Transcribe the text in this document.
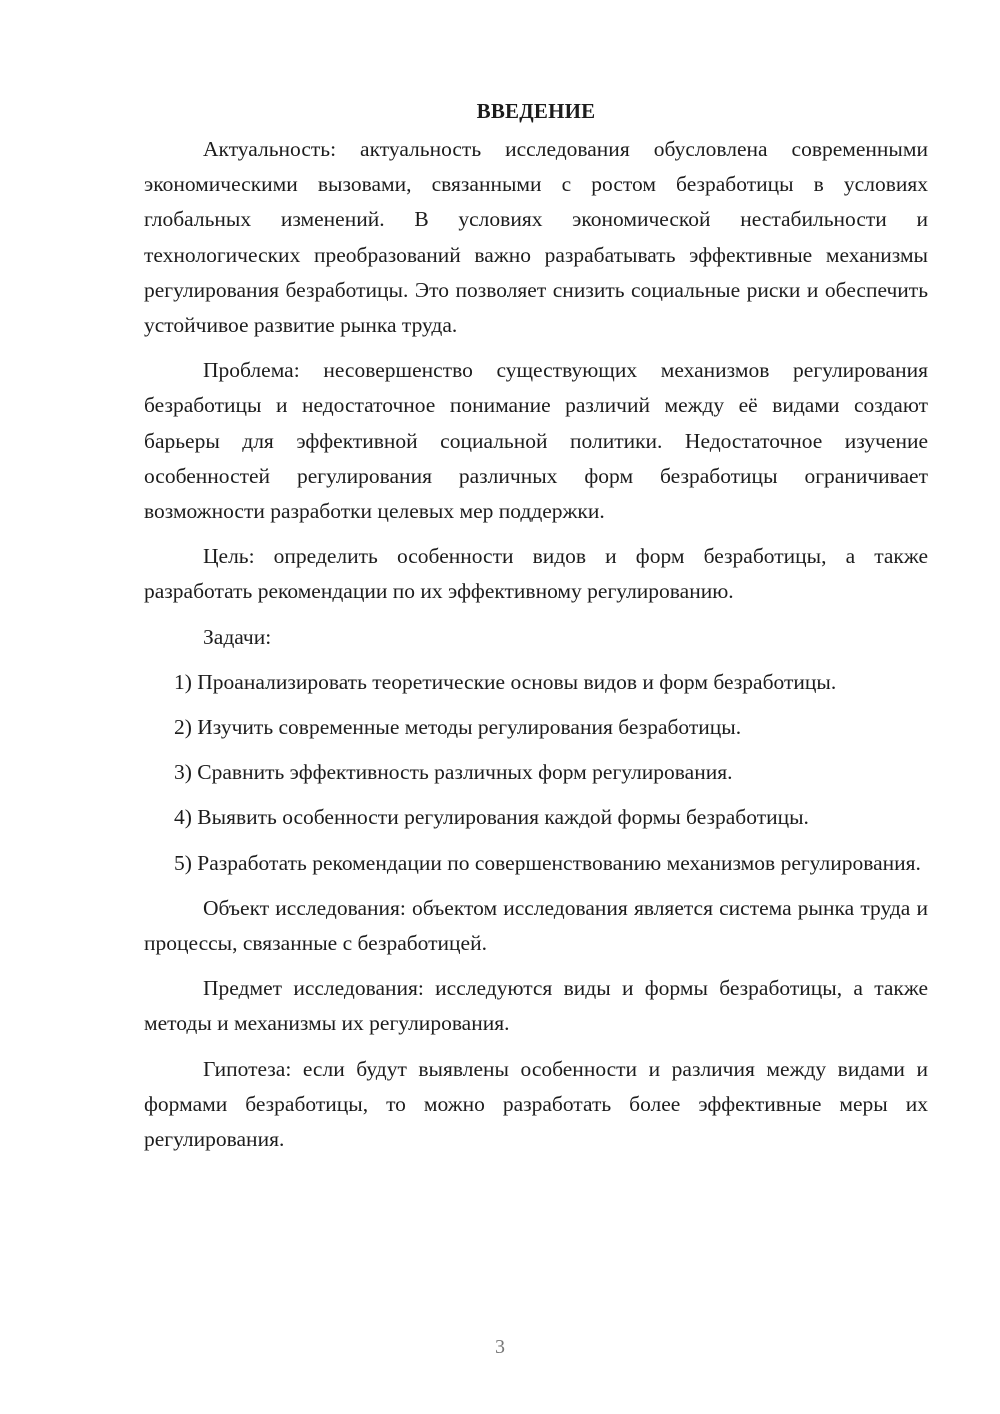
ВВЕДЕНИЕ

Актуальность: актуальность исследования обусловлена современными экономическими вызовами, связанными с ростом безработицы в условиях глобальных изменений. В условиях экономической нестабильности и технологических преобразований важно разрабатывать эффективные механизмы регулирования безработицы. Это позволяет снизить социальные риски и обеспечить устойчивое развитие рынка труда.

Проблема: несовершенство существующих механизмов регулирования безработицы и недостаточное понимание различий между её видами создают барьеры для эффективной социальной политики. Недостаточное изучение особенностей регулирования различных форм безработицы ограничивает возможности разработки целевых мер поддержки.

Цель: определить особенности видов и форм безработицы, а также разработать рекомендации по их эффективному регулированию.

Задачи:

1) Проанализировать теоретические основы видов и форм безработицы.

2) Изучить современные методы регулирования безработицы.

3) Сравнить эффективность различных форм регулирования.

4) Выявить особенности регулирования каждой формы безработицы.

5) Разработать рекомендации по совершенствованию механизмов регулирования.

Объект исследования: объектом исследования является система рынка труда и процессы, связанные с безработицей.

Предмет исследования: исследуются виды и формы безработицы, а также методы и механизмы их регулирования.

Гипотеза: если будут выявлены особенности и различия между видами и формами безработицы, то можно разработать более эффективные меры их регулирования.

3
